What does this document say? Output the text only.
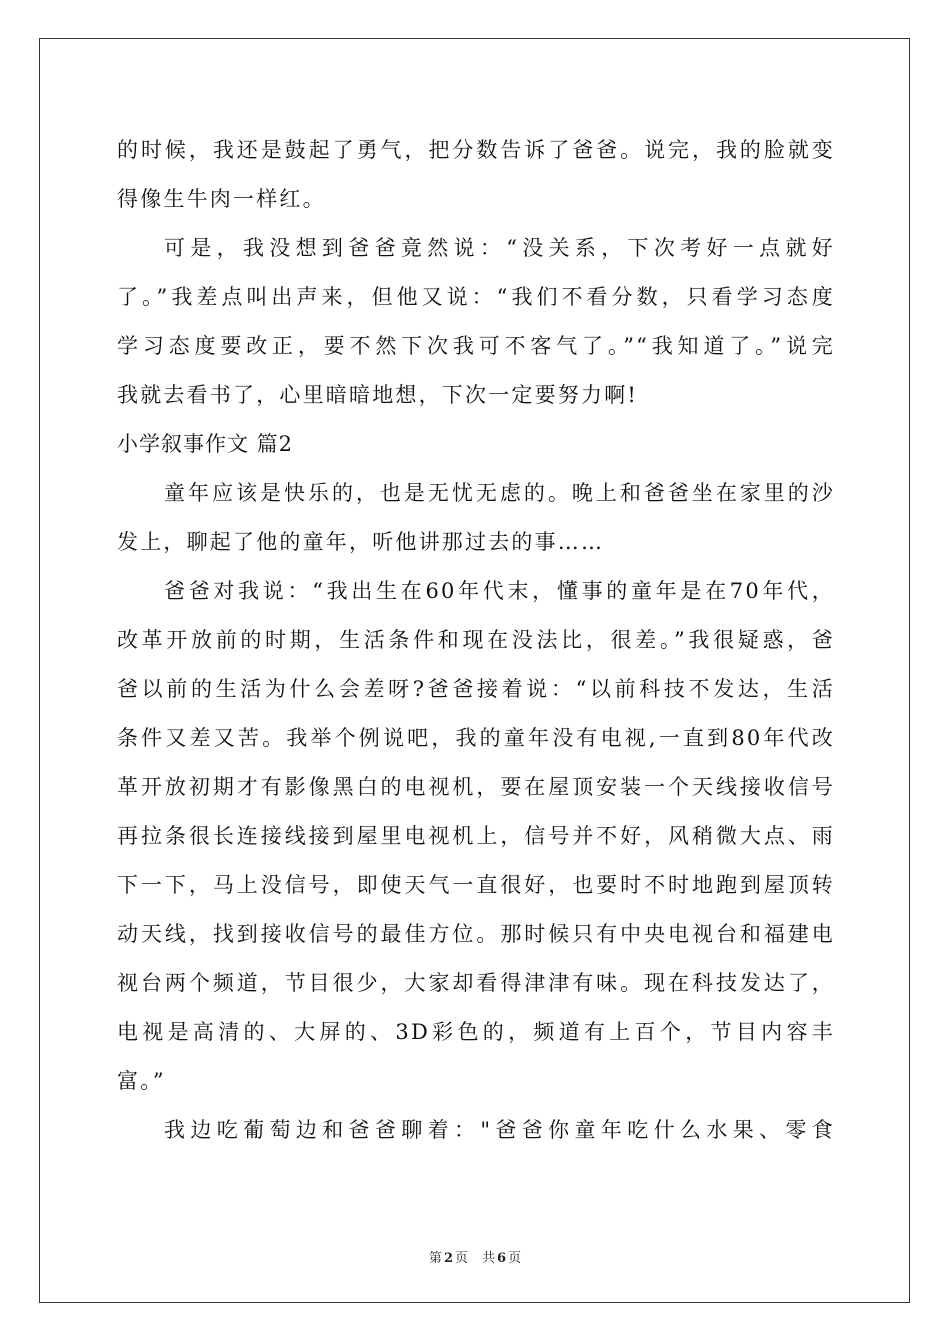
的时候，我还是鼓起了勇气，把分数告诉了爸爸。说完，我的脸就变
得像生牛肉一样红。
可是，我没想到爸爸竟然说：“没关系，下次考好一点就好
了。”我差点叫出声来，但他又说：“我们不看分数，只看学习态度
学习态度要改正，要不然下次我可不客气了。”“我知道了。”说完
我就去看书了，心里暗暗地想，下次一定要努力啊!
小学叙事作文 篇2
童年应该是快乐的，也是无忧无虑的。晚上和爸爸坐在家里的沙
发上，聊起了他的童年，听他讲那过去的事……
爸爸对我说：“我出生在60年代末，懂事的童年是在70年代，
改革开放前的时期，生活条件和现在没法比，很差。”我很疑惑，爸
爸以前的生活为什么会差呀?爸爸接着说：“以前科技不发达，生活
条件又差又苦。我举个例说吧，我的童年没有电视,一直到80年代改
革开放初期才有影像黑白的电视机，要在屋顶安装一个天线接收信号
再拉条很长连接线接到屋里电视机上，信号并不好，风稍微大点、雨
下一下，马上没信号，即使天气一直很好，也要时不时地跑到屋顶转
动天线，找到接收信号的最佳方位。那时候只有中央电视台和福建电
视台两个频道，节目很少，大家却看得津津有味。现在科技发达了，
电视是高清的、大屏的、3D彩色的，频道有上百个，节目内容丰
富。”
我边吃葡萄边和爸爸聊着："爸爸你童年吃什么水果、零食
第 2 页 共 6 页
